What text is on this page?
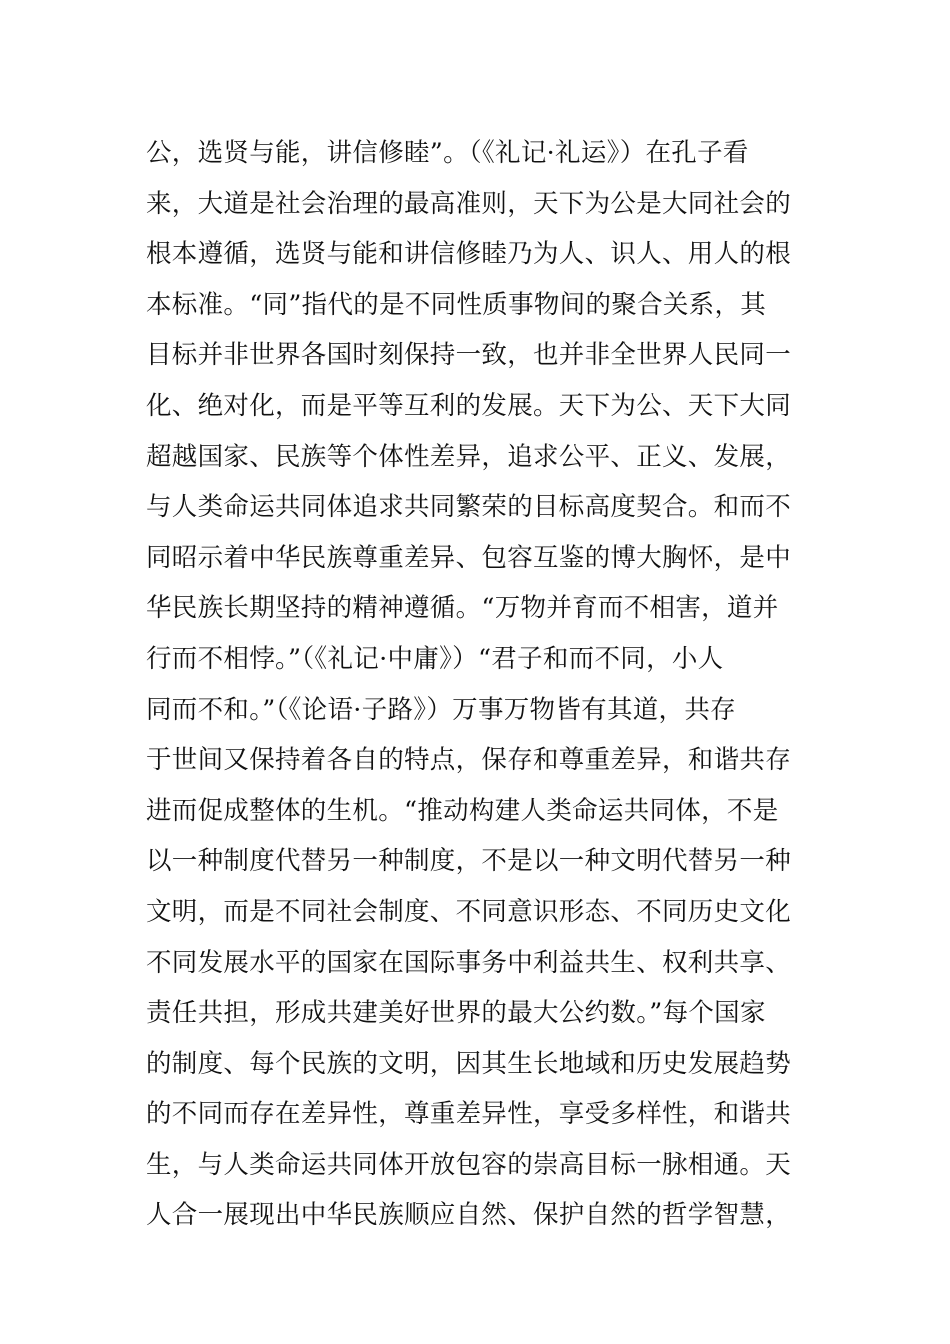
公，选贤与能，讲信修睦”。（《礼记·礼运》）在孔子看
来，大道是社会治理的最高准则，天下为公是大同社会的
根本遵循，选贤与能和讲信修睦乃为人、识人、用人的根
本标准。“同”指代的是不同性质事物间的聚合关系，其
目标并非世界各国时刻保持一致，也并非全世界人民同一
化、绝对化，而是平等互利的发展。天下为公、天下大同
超越国家、民族等个体性差异，追求公平、正义、发展，
与人类命运共同体追求共同繁荣的目标高度契合。和而不
同昭示着中华民族尊重差异、包容互鉴的博大胸怀，是中
华民族长期坚持的精神遵循。“万物并育而不相害，道并
行而不相悖。”（《礼记·中庸》）“君子和而不同，小人
同而不和。”（《论语·子路》）万事万物皆有其道，共存
于世间又保持着各自的特点，保存和尊重差异，和谐共存
进而促成整体的生机。“推动构建人类命运共同体，不是
以一种制度代替另一种制度，不是以一种文明代替另一种
文明，而是不同社会制度、不同意识形态、不同历史文化
不同发展水平的国家在国际事务中利益共生、权利共享、
责任共担，形成共建美好世界的最大公约数。”每个国家
的制度、每个民族的文明，因其生长地域和历史发展趋势
的不同而存在差异性，尊重差异性，享受多样性，和谐共
生，与人类命运共同体开放包容的崇高目标一脉相通。天
人合一展现出中华民族顺应自然、保护自然的哲学智慧，
